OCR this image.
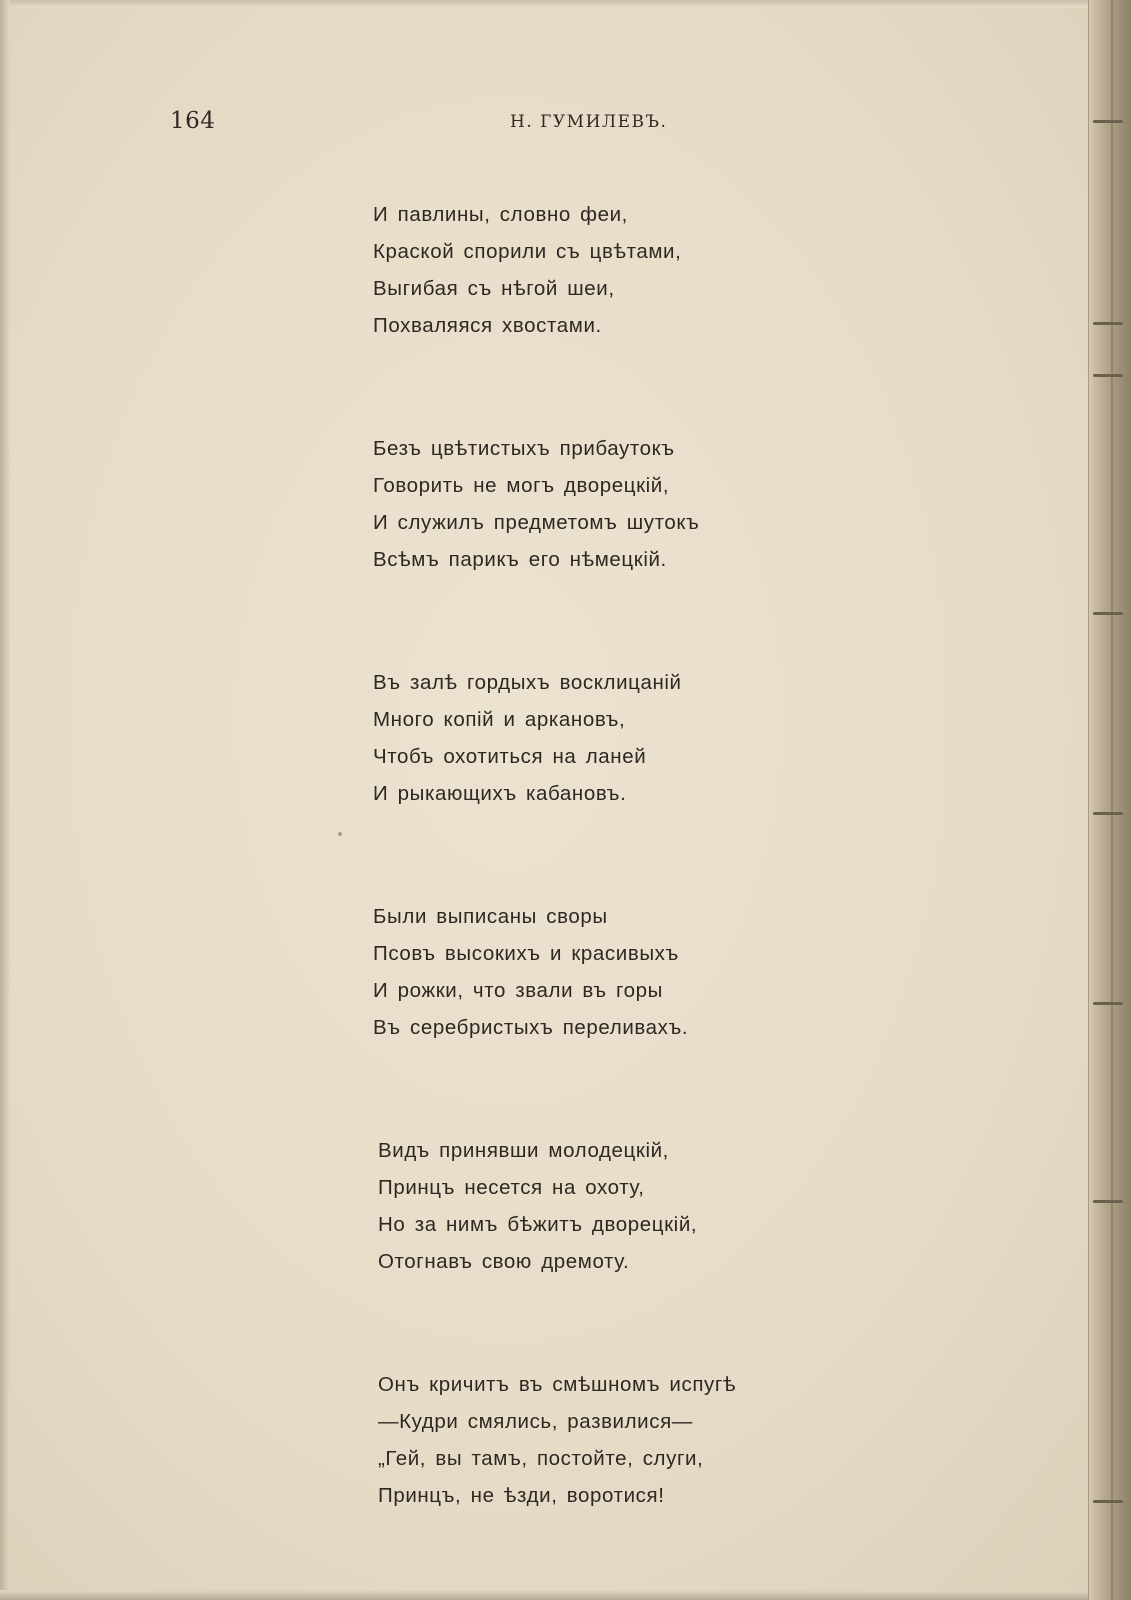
164	Н. ГУМИЛЕВЪ.
И павлины, словно феи,
Краской спорили съ цвѣтами,
Выгибая съ нѣгой шеи,
Похваляяся хвостами.
Безъ цвѣтистыхъ прибаутокъ
Говорить не могъ дворецкій,
И служилъ предметомъ шутокъ
Всѣмъ парикъ его нѣмецкій.
Въ залѣ гордыхъ восклицаній
Много копій и аркановъ,
Чтобъ охотиться на ланей
И рыкающихъ кабановъ.
Были выписаны своры
Псовъ высокихъ и красивыхъ
И рожки, что звали въ горы
Въ серебристыхъ переливахъ.
Видъ принявши молодецкій,
Принцъ несется на охоту,
Но за нимъ бѣжитъ дворецкій,
Отогнавъ свою дремоту.
Онъ кричитъ въ смѣшномъ испугѣ
—Кудри смялись, развилися—
„Гей, вы тамъ, постойте, слуги,
Принцъ, не ѣзди, воротися!
